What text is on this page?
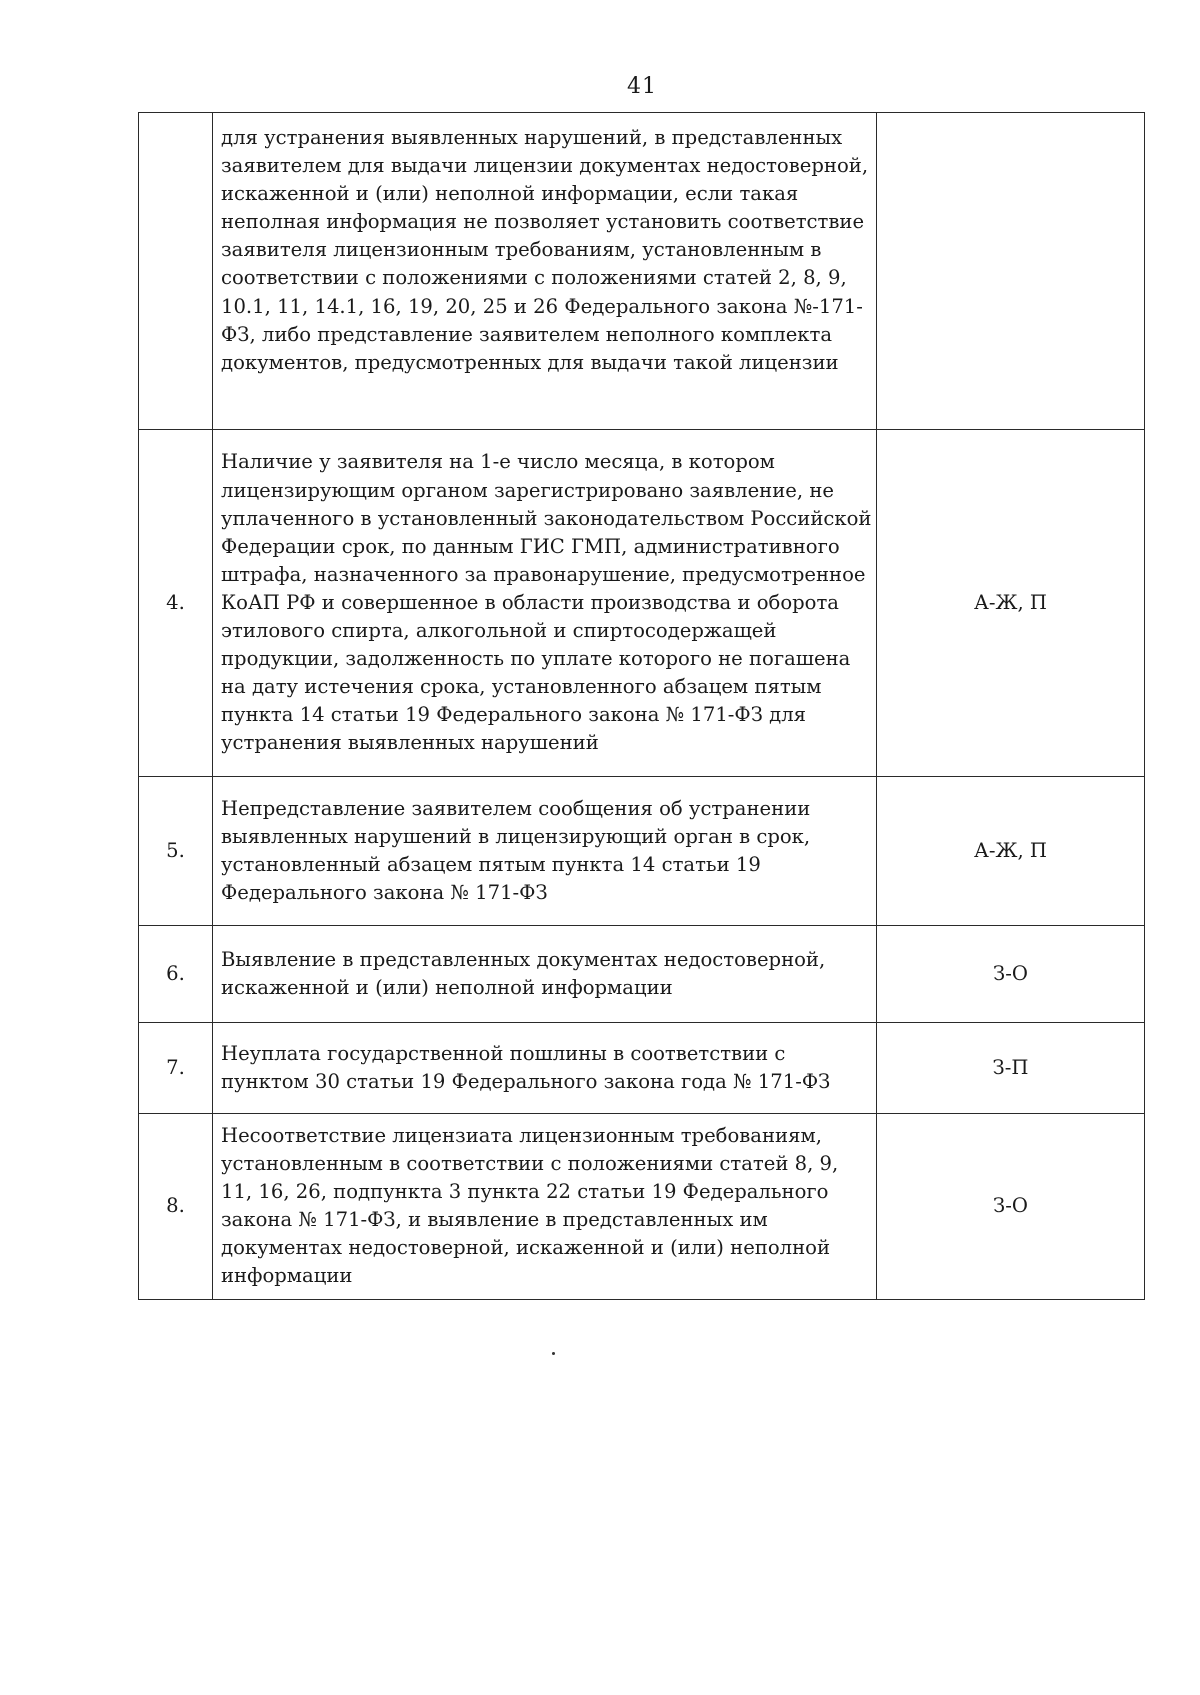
41
	для устранения выявленных нарушений, в представленных заявителем для выдачи лицензии документах недостоверной, искаженной и (или) неполной информации, если такая неполная информация не позволяет установить соответствие заявителя лицензионным требованиям, установленным в соответствии с положениями с положениями статей 2, 8, 9, 10.1, 11, 14.1, 16, 19, 20, 25 и 26 Федерального закона №-171-ФЗ, либо представление заявителем неполного комплекта документов, предусмотренных для выдачи такой лицензии	
4.	Наличие у заявителя на 1-е число месяца, в котором лицензирующим органом зарегистрировано заявление, не уплаченного в установленный законодательством Российской Федерации срок, по данным ГИС ГМП, административного штрафа, назначенного за правонарушение, предусмотренное КоАП РФ и совершенное в области производства и оборота этилового спирта, алкогольной и спиртосодержащей продукции, задолженность по уплате которого не погашена на дату истечения срока, установленного абзацем пятым пункта 14 статьи 19 Федерального закона № 171-ФЗ для устранения выявленных нарушений	А-Ж, П
5.	Непредставление заявителем сообщения об устранении выявленных нарушений в лицензирующий орган в срок, установленный абзацем пятым пункта 14 статьи 19 Федерального закона № 171-ФЗ	А-Ж, П
6.	Выявление в представленных документах недостоверной, искаженной и (или) неполной информации	З-О
7.	Неуплата государственной пошлины в соответствии с пунктом 30 статьи 19 Федерального закона года № 171-ФЗ	З-П
8.	Несоответствие лицензиата лицензионным требованиям, установленным в соответствии с положениями статей 8, 9, 11, 16, 26, подпункта 3 пункта 22 статьи 19 Федерального закона № 171-ФЗ, и выявление в представленных им документах недостоверной, искаженной и (или) неполной информации	З-О
